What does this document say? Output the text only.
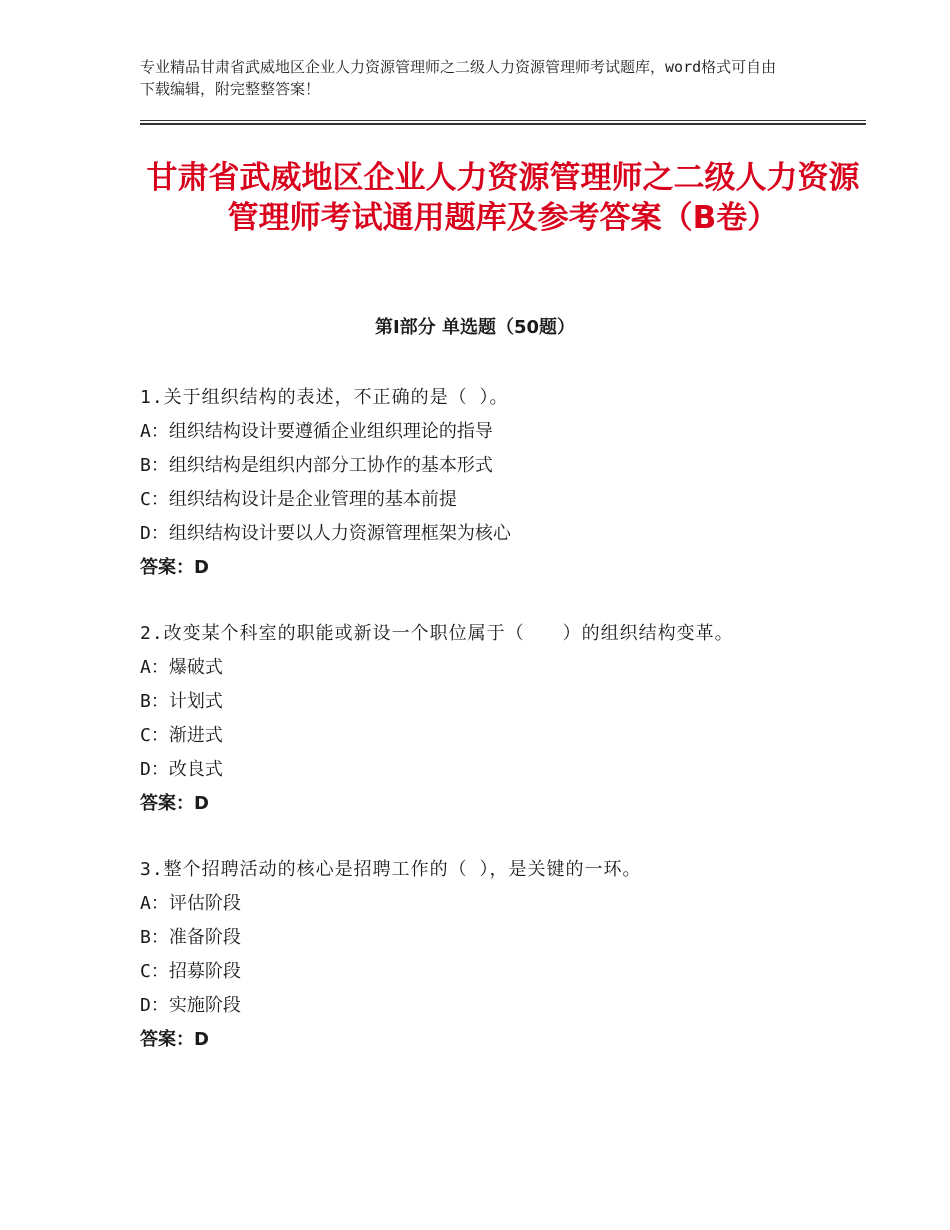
专业精品甘肃省武威地区企业人力资源管理师之二级人力资源管理师考试题库，word格式可自由下载编辑，附完整整答案！
甘肃省武威地区企业人力资源管理师之二级人力资源管理师考试通用题库及参考答案（B卷）
第Ⅰ部分 单选题（50题）

1.关于组织结构的表述，不正确的是（ ）。

A：组织结构设计要遵循企业组织理论的指导

B：组织结构是组织内部分工协作的基本形式

C：组织结构设计是企业管理的基本前提

D：组织结构设计要以人力资源管理框架为核心

答案：D

2.改变某个科室的职能或新设一个职位属于（　　）的组织结构变革。

A：爆破式

B：计划式

C：渐进式

D：改良式

答案：D

3.整个招聘活动的核心是招聘工作的（ ），是关键的一环。

A：评估阶段

B：准备阶段

C：招募阶段

D：实施阶段

答案：D
